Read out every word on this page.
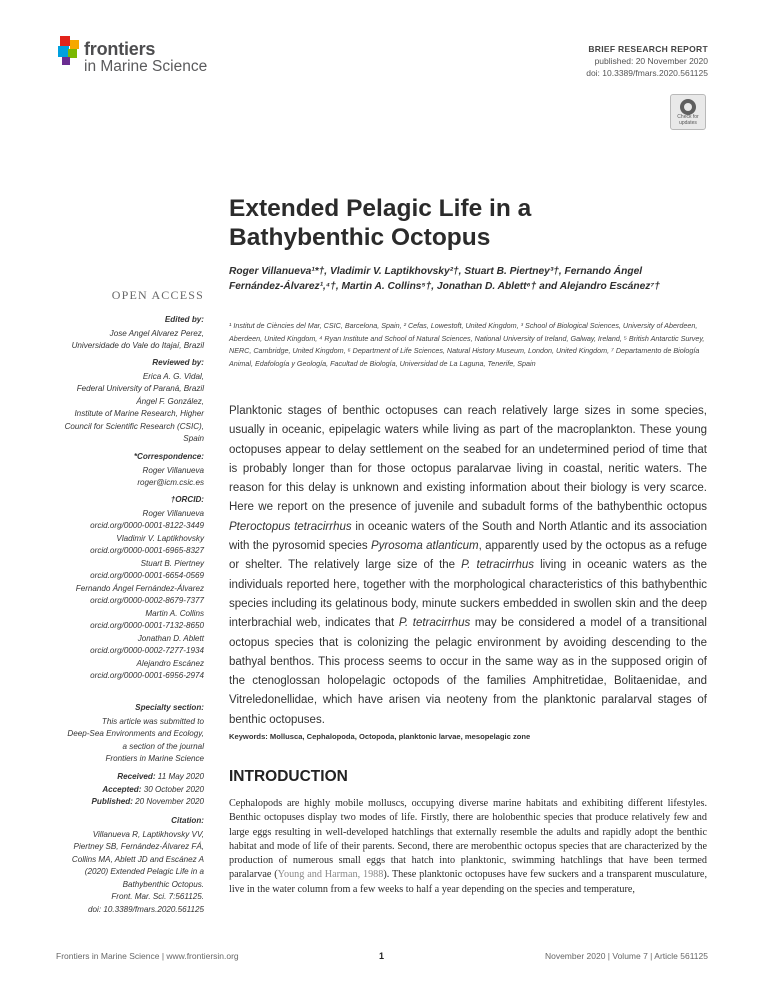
frontiers
in Marine Science
BRIEF RESEARCH REPORT
published: 20 November 2020
doi: 10.3389/fmars.2020.561125
Check for updates
Extended Pelagic Life in a Bathybenthic Octopus
Roger Villanueva¹*†, Vladimir V. Laptikhovsky²†, Stuart B. Piertney³†, Fernando Ángel Fernández-Álvarez¹,⁴†, Martin A. Collins⁵†, Jonathan D. Ablett⁶† and Alejandro Escánez⁷†
¹ Institut de Ciències del Mar, CSIC, Barcelona, Spain, ² Cefas, Lowestoft, United Kingdom, ³ School of Biological Sciences, University of Aberdeen, Aberdeen, United Kingdom, ⁴ Ryan Institute and School of Natural Sciences, National University of Ireland, Galway, Ireland, ⁵ British Antarctic Survey, NERC, Cambridge, United Kingdom, ⁶ Department of Life Sciences, Natural History Museum, London, United Kingdom, ⁷ Departamento de Biología Animal, Edafología y Geología, Facultad de Biología, Universidad de La Laguna, Tenerife, Spain
Planktonic stages of benthic octopuses can reach relatively large sizes in some species, usually in oceanic, epipelagic waters while living as part of the macroplankton. These young octopuses appear to delay settlement on the seabed for an undetermined period of time that is probably longer than for those octopus paralarvae living in coastal, neritic waters. The reason for this delay is unknown and existing information about their biology is very scarce. Here we report on the presence of juvenile and subadult forms of the bathybenthic octopus Pteroctopus tetracirrhus in oceanic waters of the South and North Atlantic and its association with the pyrosomid species Pyrosoma atlanticum, apparently used by the octopus as a refuge or shelter. The relatively large size of the P. tetracirrhus living in oceanic waters as the individuals reported here, together with the morphological characteristics of this bathybenthic species including its gelatinous body, minute suckers embedded in swollen skin and the deep interbrachial web, indicates that P. tetracirrhus may be considered a model of a transitional octopus species that is colonizing the pelagic environment by avoiding descending to the bathyal benthos. This process seems to occur in the same way as in the supposed origin of the ctenoglossan holopelagic octopods of the families Amphitretidae, Bolitaenidae, and Vitreledonellidae, which have arisen via neoteny from the planktonic paralarval stages of benthic octopuses.
Keywords: Mollusca, Cephalopoda, Octopoda, planktonic larvae, mesopelagic zone
INTRODUCTION
Cephalopods are highly mobile molluscs, occupying diverse marine habitats and exhibiting different lifestyles. Benthic octopuses display two modes of life. Firstly, there are holobenthic species that produce relatively few and large eggs resulting in well-developed hatchlings that externally resemble the adults and rapidly adopt the benthic habitat and mode of life of their parents. Second, there are merobenthic octopus species that are characterized by the production of numerous small eggs that hatch into planktonic, swimming hatchlings that have been termed paralarvae (Young and Harman, 1988). These planktonic octopuses have few suckers and a transparent musculature, live in the water column from a few weeks to half a year depending on the species and temperature,
OPEN ACCESS
Edited by:
Jose Angel Alvarez Perez,
Universidade do Vale do Itajaí, Brazil
Reviewed by:
Erica A. G. Vidal,
Federal University of Paraná, Brazil
Ángel F. González,
Institute of Marine Research, Higher
Council for Scientific Research (CSIC),
Spain
*Correspondence:
Roger Villanueva
roger@icm.csic.es
†ORCID:
Roger Villanueva
orcid.org/0000-0001-8122-3449
Vladimir V. Laptikhovsky
orcid.org/0000-0001-6965-8327
Stuart B. Piertney
orcid.org/0000-0001-6654-0569
Fernando Ángel Fernández-Álvarez
orcid.org/0000-0002-8679-7377
Martin A. Collins
orcid.org/0000-0001-7132-8650
Jonathan D. Ablett
orcid.org/0000-0002-7277-1934
Alejandro Escánez
orcid.org/0000-0001-6956-2974
Specialty section:
This article was submitted to
Deep-Sea Environments and Ecology,
a section of the journal
Frontiers in Marine Science
Received: 11 May 2020
Accepted: 30 October 2020
Published: 20 November 2020
Citation:
Villanueva R, Laptikhovsky VV,
Piertney SB, Fernández-Álvarez FÁ,
Collins MA, Ablett JD and Escánez A
(2020) Extended Pelagic Life in a
Bathybenthic Octopus.
Front. Mar. Sci. 7:561125.
doi: 10.3389/fmars.2020.561125
Frontiers in Marine Science | www.frontiersin.org	1	November 2020 | Volume 7 | Article 561125
